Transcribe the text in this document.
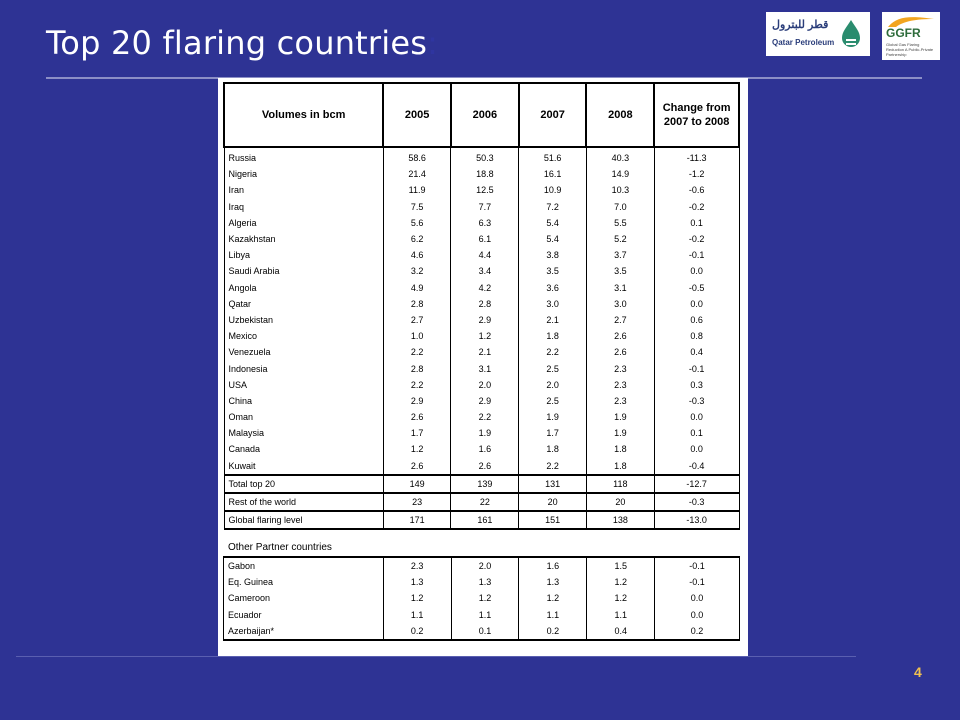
Top 20 flaring countries:	قطر للبترول
Qatar Petroleum
GGFR
Global Gas Flaring Reduction A Public-Private Partnership
Volumes in bcm	2005	2006	2007	2008	Change from 2007 to 2008
Russia	58.6	50.3	51.6	40.3	-11.3
Nigeria	21.4	18.8	16.1	14.9	-1.2
Iran	11.9	12.5	10.9	10.3	-0.6
Iraq	7.5	7.7	7.2	7.0	-0.2
Algeria	5.6	6.3	5.4	5.5	0.1
Kazakhstan	6.2	6.1	5.4	5.2	-0.2
Libya	4.6	4.4	3.8	3.7	-0.1
Saudi Arabia	3.2	3.4	3.5	3.5	0.0
Angola	4.9	4.2	3.6	3.1	-0.5
Qatar	2.8	2.8	3.0	3.0	0.0
Uzbekistan	2.7	2.9	2.1	2.7	0.6
Mexico	1.0	1.2	1.8	2.6	0.8
Venezuela	2.2	2.1	2.2	2.6	0.4
Indonesia	2.8	3.1	2.5	2.3	-0.1
USA	2.2	2.0	2.0	2.3	0.3
China	2.9	2.9	2.5	2.3	-0.3
Oman	2.6	2.2	1.9	1.9	0.0
Malaysia	1.7	1.9	1.7	1.9	0.1
Canada	1.2	1.6	1.8	1.8	0.0
Kuwait	2.6	2.6	2.2	1.8	-0.4
Total top 20	149	139	131	118	-12.7
Rest of the world	23	22	20	20	-0.3
Global flaring level	171	161	151	138	-13.0
Other Partner countries
Gabon	2.3	2.0	1.6	1.5	-0.1
Eq. Guinea	1.3	1.3	1.3	1.2	-0.1
Cameroon	1.2	1.2	1.2	1.2	0.0
Ecuador	1.1	1.1	1.1	1.1	0.0
Azerbaijan*	0.2	0.1	0.2	0.4	0.2
4
